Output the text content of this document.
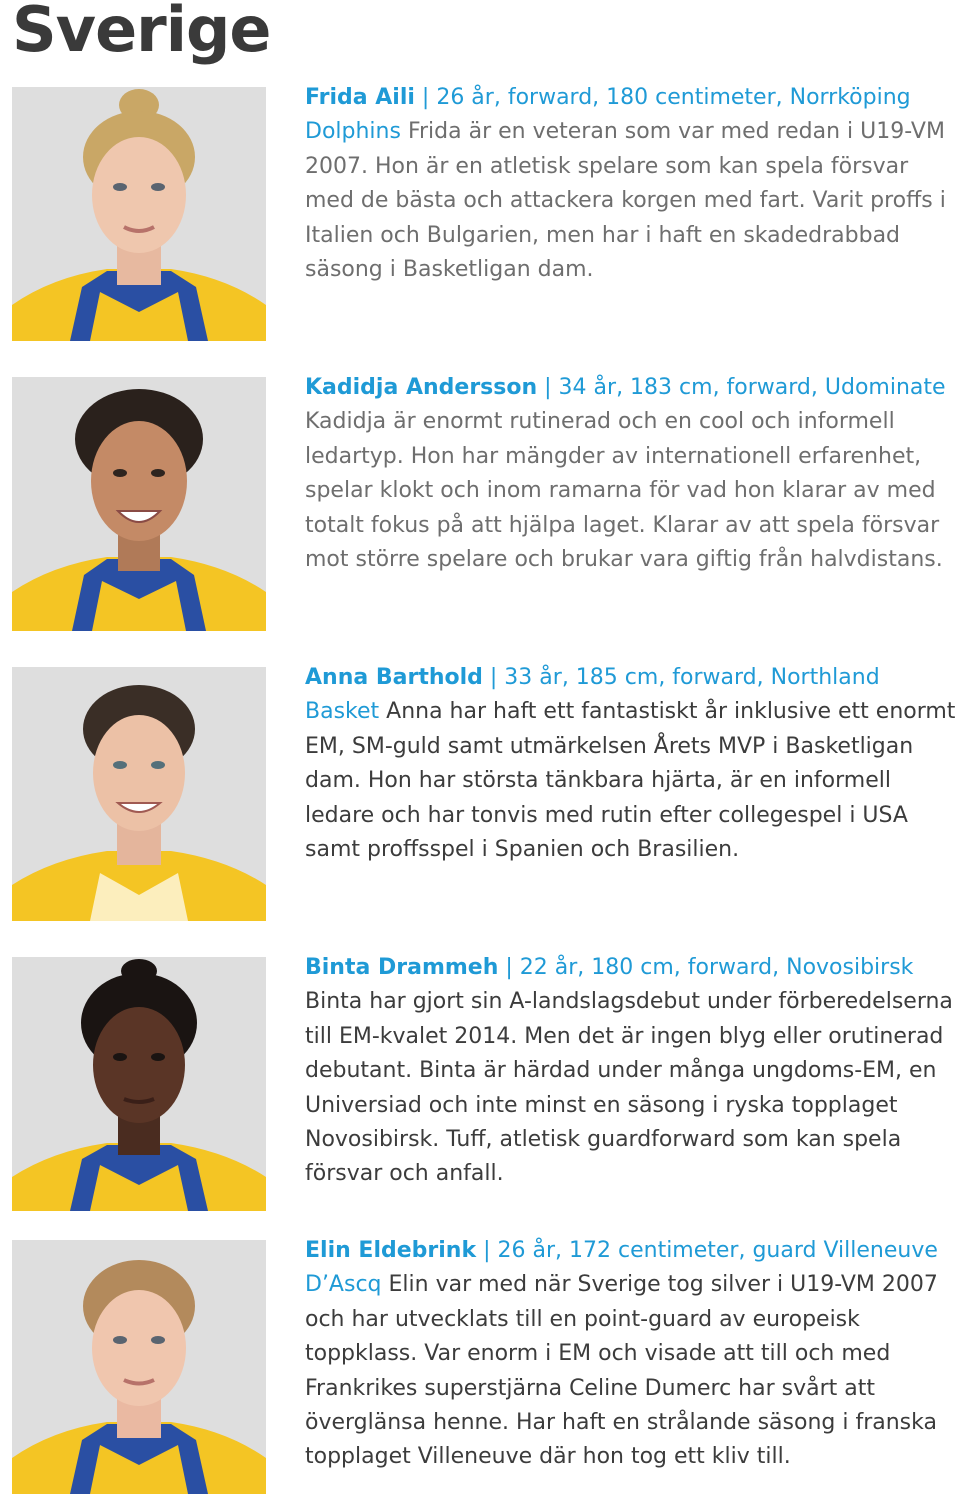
Sverige

Frida Aili | 26 år, forward, 180 centimeter, Norrköping Dolphins Frida är en veteran som var med redan i U19-VM 2007. Hon är en atletisk spelare som kan spela försvar med de bästa och attackera korgen med fart. Varit proffs i Italien och Bulgarien, men har i haft en skadedrabbad säsong i Basketligan dam.

Kadidja Andersson | 34 år, 183 cm, forward, Udominate Kadidja är enormt rutinerad och en cool och informell ledartyp. Hon har mängder av internationell erfarenhet, spelar klokt och inom ramarna för vad hon klarar av med totalt fokus på att hjälpa laget. Klarar av att spela försvar mot större spelare och brukar vara giftig från halvdistans.

Anna Barthold | 33 år, 185 cm, forward, Northland Basket Anna har haft ett fantastiskt år inklusive ett enormt EM, SM-guld samt utmärkelsen Årets MVP i Basketligan dam. Hon har största tänkbara hjärta, är en informell ledare och har tonvis med rutin efter collegespel i USA samt proffsspel i Spanien och Brasilien.

Binta Drammeh | 22 år, 180 cm, forward, Novosibirsk Binta har gjort sin A-landslagsdebut under förberedelserna till EM-kvalet 2014. Men det är ingen blyg eller orutinerad debutant. Binta är härdad under många ungdoms-EM, en Universiad och inte minst en säsong i ryska topplaget Novosibirsk. Tuff, atletisk guardforward som kan spela försvar och anfall.

Elin Eldebrink | 26 år, 172 centimeter, guard Villeneuve D’Ascq Elin var med när Sverige tog silver i U19-VM 2007 och har utvecklats till en point-guard av europeisk toppklass. Var enorm i EM och visade att till och med Frankrikes superstjärna Celine Dumerc har svårt att överglänsa henne. Har haft en strålande säsong i franska topplaget Villeneuve där hon tog ett kliv till.
